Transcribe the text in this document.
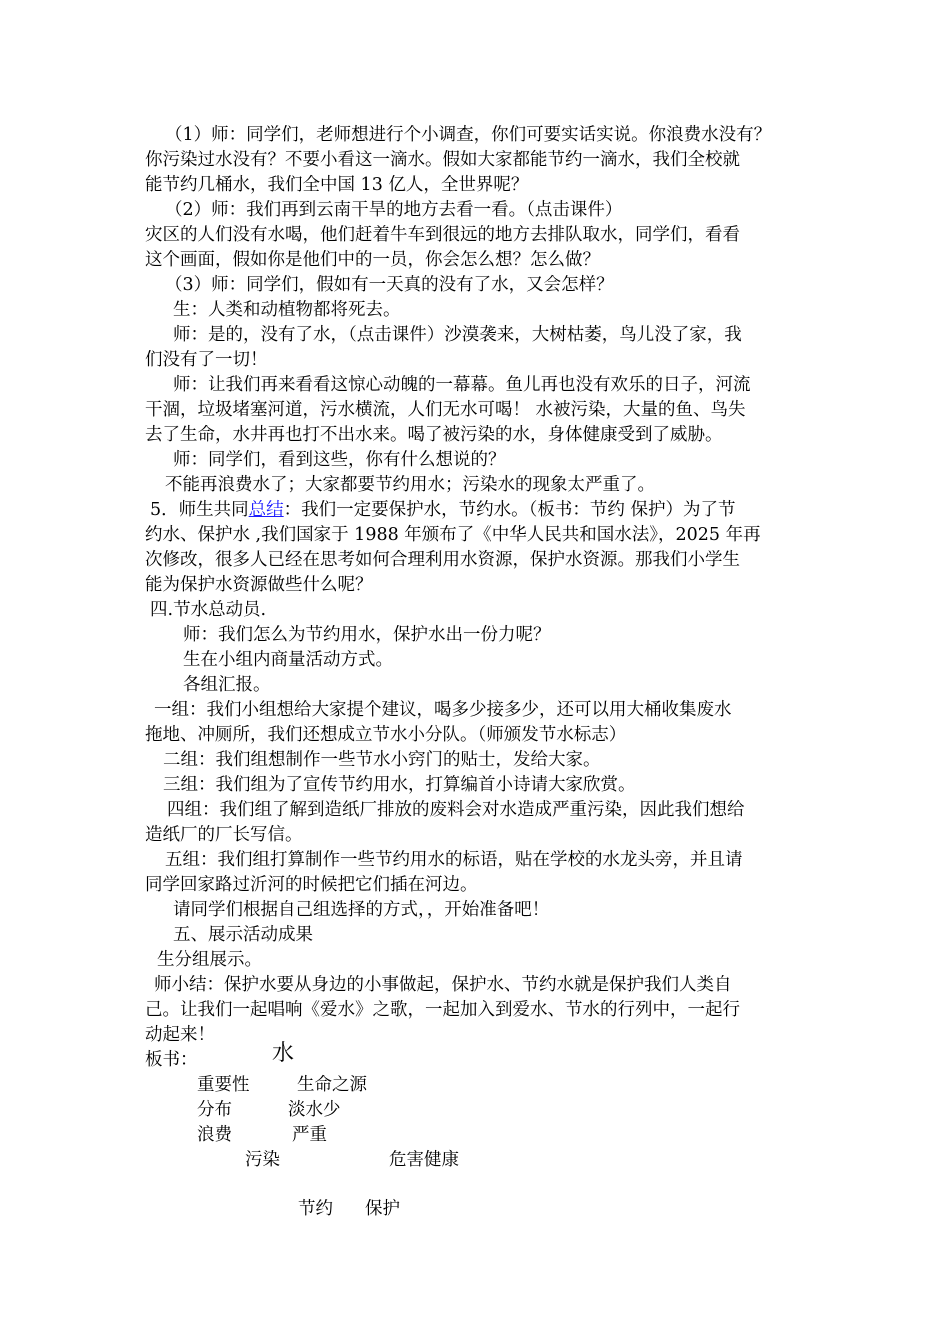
（1）师：同学们，老师想进行个小调查，你们可要实话实说。你浪费水没有？
你污染过水没有？不要小看这一滴水。假如大家都能节约一滴水，我们全校就
能节约几桶水，我们全中国 13 亿人，全世界呢？
（2）师：我们再到云南干旱的地方去看一看。（点击课件）
灾区的人们没有水喝，他们赶着牛车到很远的地方去排队取水，同学们，看看
这个画面，假如你是他们中的一员，你会怎么想？怎么做？
（3）师：同学们，假如有一天真的没有了水，又会怎样？
生：人类和动植物都将死去。
师：是的，没有了水，（点击课件）沙漠袭来，大树枯萎，鸟儿没了家，我
们没有了一切！
师：让我们再来看看这惊心动魄的一幕幕。鱼儿再也没有欢乐的日子，河流
干涸，垃圾堵塞河道，污水横流，人们无水可喝！ 水被污染，大量的鱼、鸟失
去了生命，水井再也打不出水来。喝了被污染的水，身体健康受到了威胁。
师：同学们，看到这些，你有什么想说的？
不能再浪费水了；大家都要节约用水；污染水的现象太严重了。
5．师生共同总结：我们一定要保护水，节约水。（板书：节约 保护）为了节
约水、保护水 ,我们国家于 1988 年颁布了《中华人民共和国水法》，2025 年再
次修改，很多人已经在思考如何合理利用水资源，保护水资源。那我们小学生
能为保护水资源做些什么呢？
四.节水总动员.
师：我们怎么为节约用水，保护水出一份力呢？
生在小组内商量活动方式。
各组汇报。
一组：我们小组想给大家提个建议，喝多少接多少，还可以用大桶收集废水
拖地、冲厕所，我们还想成立节水小分队。（师颁发节水标志）
二组：我们组想制作一些节水小窍门的贴士，发给大家。
三组：我们组为了宣传节约用水，打算编首小诗请大家欣赏。
四组：我们组了解到造纸厂排放的废料会对水造成严重污染，因此我们想给
造纸厂的厂长写信。
五组：我们组打算制作一些节约用水的标语，贴在学校的水龙头旁，并且请
同学回家路过沂河的时候把它们插在河边。
请同学们根据自己组选择的方式，，开始准备吧！
五、展示活动成果
生分组展示。
师小结：保护水要从身边的小事做起，保护水、节约水就是保护我们人类自
己。让我们一起唱响《爱水》之歌，一起加入到爱水、节水的行列中，一起行
动起来！
板书：	水
重要性	生命之源
分布	淡水少
浪费	严重
污染	危害健康
节约	保护
